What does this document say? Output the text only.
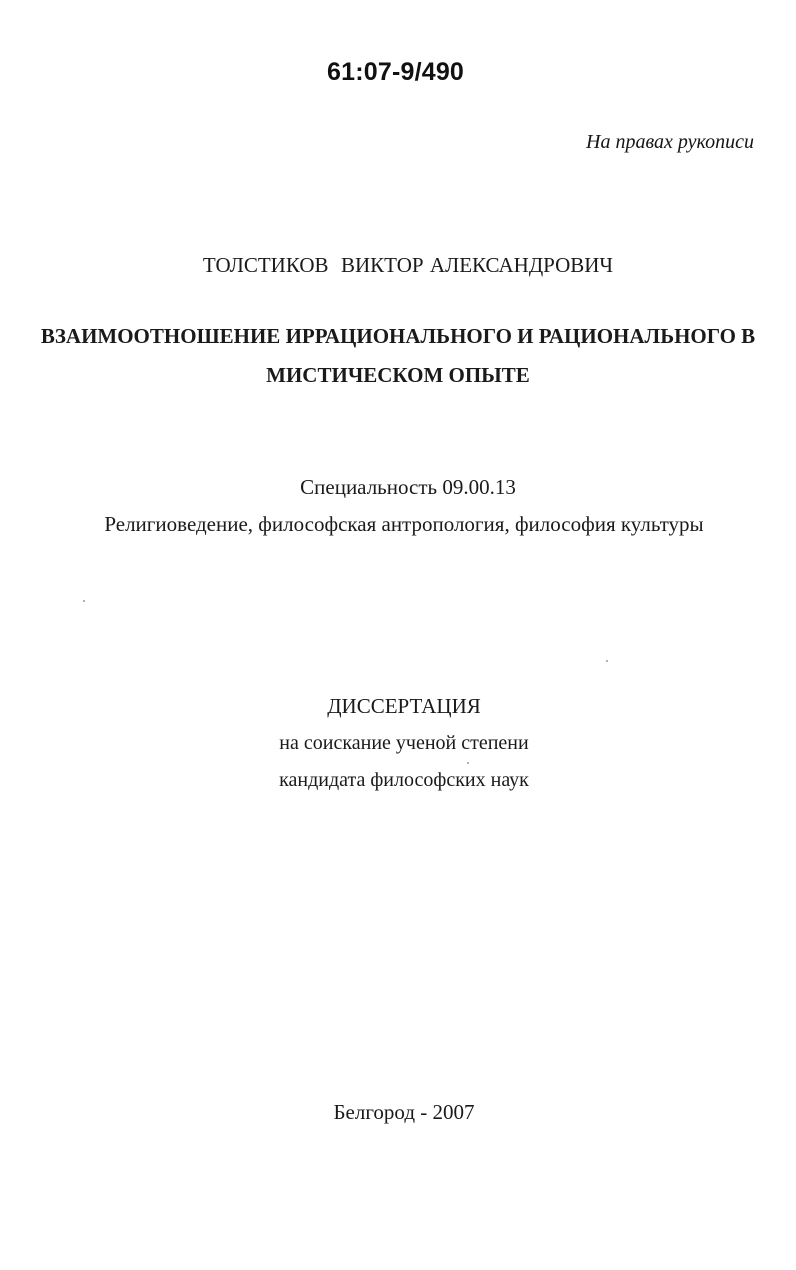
61:07-9/490
На правах рукописи
ТОЛСТИКОВ  ВИКТОР АЛЕКСАНДРОВИЧ
ВЗАИМООТНОШЕНИЕ ИРРАЦИОНАЛЬНОГО И РАЦИОНАЛЬНОГО В
МИСТИЧЕСКОМ ОПЫТЕ
Специальность 09.00.13
Религиоведение, философская антропология, философия культуры
ДИССЕРТАЦИЯ
на соискание ученой степени
кандидата философских наук
Белгород - 2007
